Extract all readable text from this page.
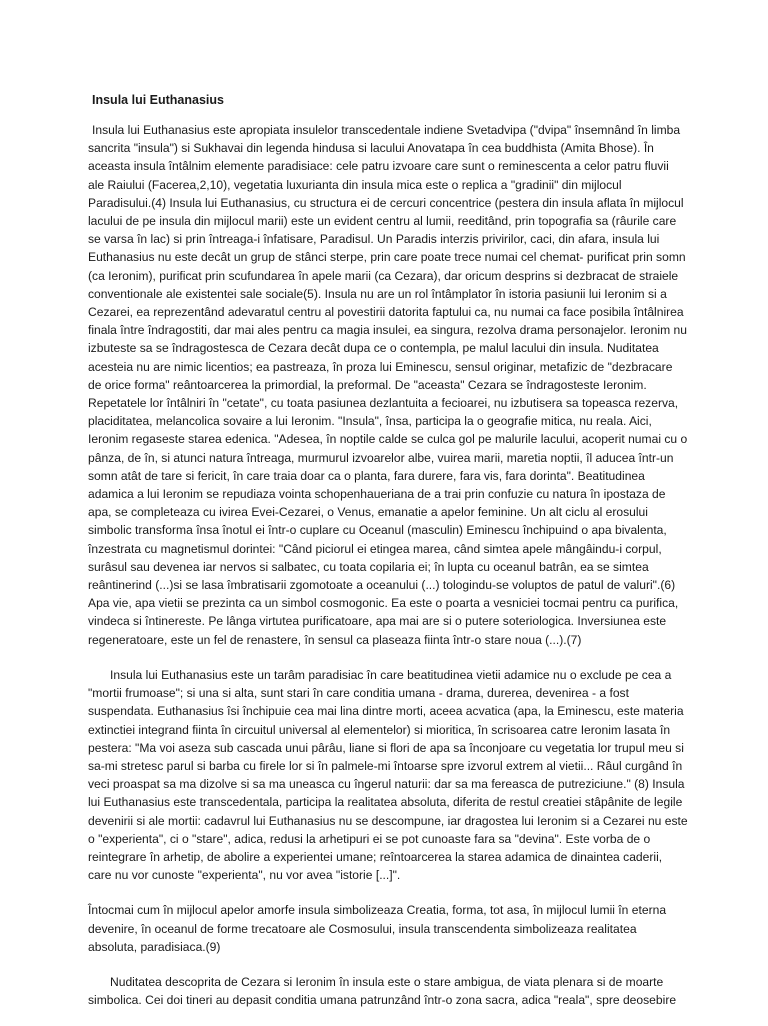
Insula lui Euthanasius

Insula lui Euthanasius este apropiata insulelor transcedentale indiene Svetadvipa ("dvipa" însemnând în limba sancrita "insula") si Sukhavai din legenda hindusa si lacului Anovatapa în cea buddhista (Amita Bhose). În aceasta insula întâlnim elemente paradisiace: cele patru izvoare care sunt o reminescenta a celor patru fluvii ale Raiului (Facerea,2,10), vegetatia luxurianta din insula mica este o replica a "gradinii" din mijlocul Paradisului.(4) Insula lui Euthanasius, cu structura ei de cercuri concentrice (pestera din insula aflata în mijlocul lacului de pe insula din mijlocul marii) este un evident centru al lumii, reeditând, prin topografia sa (râurile care se varsa în lac) si prin întreaga-i înfatisare, Paradisul. Un Paradis interzis privirilor, caci, din afara, insula lui Euthanasius nu este decât un grup de stânci sterpe, prin care poate trece numai cel chemat- purificat prin somn (ca Ieronim), purificat prin scufundarea în apele marii (ca Cezara), dar oricum desprins si dezbracat de straiele conventionale ale existentei sale sociale(5). Insula nu are un rol întâmplator în istoria pasiunii lui Ieronim si a Cezarei, ea reprezentând adevaratul centru al povestirii datorita faptului ca, nu numai ca face posibila întâlnirea finala între îndragostiti, dar mai ales pentru ca magia insulei, ea singura, rezolva drama personajelor. Ieronim nu izbuteste sa se îndragostesca de Cezara decât dupa ce o contempla, pe malul lacului din insula. Nuditatea acesteia nu are nimic licentios; ea pastreaza, în proza lui Eminescu, sensul originar, metafizic de "dezbracare de orice forma" reântoarcerea la primordial, la preformal. De "aceasta" Cezara se îndragosteste Ieronim. Repetatele lor întâlniri în "cetate", cu toata pasiunea dezlantuita a fecioarei, nu izbutisera sa topeasca rezerva, placiditatea, melancolica sovaire a lui Ieronim. "Insula", însa, participa la o geografie mitica, nu reala. Aici, Ieronim regaseste starea edenica. "Adesea, în noptile calde se culca gol pe malurile lacului, acoperit numai cu o pânza, de în, si atunci natura întreaga, murmurul izvoarelor albe, vuirea marii, maretia noptii, îl aducea într-un somn atât de tare si fericit, în care traia doar ca o planta, fara durere, fara vis, fara dorinta". Beatitudinea adamica a lui Ieronim se repudiaza vointa schopenhaueriana de a trai prin confuzie cu natura în ipostaza de apa, se completeaza cu ivirea Evei-Cezarei, o Venus, emanatie a apelor feminine. Un alt ciclu al erosului simbolic transforma însa înotul ei într-o cuplare cu Oceanul (masculin) Eminescu închipuind o apa bivalenta, înzestrata cu magnetismul dorintei: "Când piciorul ei etingea marea, când simtea apele mângâindu-i corpul, surâsul sau devenea iar nervos si salbatec, cu toata copilaria ei; în lupta cu oceanul batrân, ea se simtea reântinerind (...)si se lasa îmbratisarii zgomotoate a oceanului (...) tologindu-se voluptos de patul de valuri".(6) Apa vie, apa vietii se prezinta ca un simbol cosmogonic. Ea este o poarta a vesniciei tocmai pentru ca purifica, vindeca si întinereste. Pe lânga virtutea purificatoare, apa mai are si o putere soteriologica. Inversiunea este regeneratoare, este un fel de renastere, în sensul ca plaseaza fiinta într-o stare noua (...).(7)

Insula lui Euthanasius este un tarâm paradisiac în care beatitudinea vietii adamice nu o exclude pe cea a "mortii frumoase"; si una si alta, sunt stari în care conditia umana - drama, durerea, devenirea - a fost suspendata. Euthanasius îsi închipuie cea mai lina dintre morti, aceea acvatica (apa, la Eminescu, este materia extinctiei integrand fiinta în circuitul universal al elementelor) si mioritica, în scrisoarea catre Ieronim lasata în pestera: "Ma voi aseza sub cascada unui pârâu, liane si flori de apa sa înconjoare cu vegetatia lor trupul meu si sa-mi stretesc parul si barba cu firele lor si în palmele-mi întoarse spre izvorul extrem al vietii... Râul curgând în veci proaspat sa ma dizolve si sa ma uneasca cu îngerul naturii: dar sa ma fereasca de putreziciune." (8) Insula lui Euthanasius este transcedentala, participa la realitatea absoluta, diferita de restul creatiei stâpânite de legile devenirii si ale mortii: cadavrul lui Euthanasius nu se descompune, iar dragostea lui Ieronim si a Cezarei nu este o "experienta", ci o "stare", adica, redusi la arhetipuri ei se pot cunoaste fara sa "devina". Este vorba de o reintegrare în arhetip, de abolire a experientei umane; reîntoarcerea la starea adamica de dinaintea caderii, care nu vor cunoste "experienta", nu vor avea "istorie [...]".

Întocmai cum în mijlocul apelor amorfe insula simbolizeaza Creatia, forma, tot asa, în mijlocul lumii în eterna devenire, în oceanul de forme trecatoare ale Cosmosului, insula transcendenta simbolizeaza realitatea absoluta, paradisiaca.(9)

Nuditatea descoprita de Cezara si Ieronim în insula este o stare ambigua, de viata plenara si de moarte simbolica. Cei doi tineri au depasit conditia umana patrunzând într-o zona sacra, adica "reala", spre deosebire
